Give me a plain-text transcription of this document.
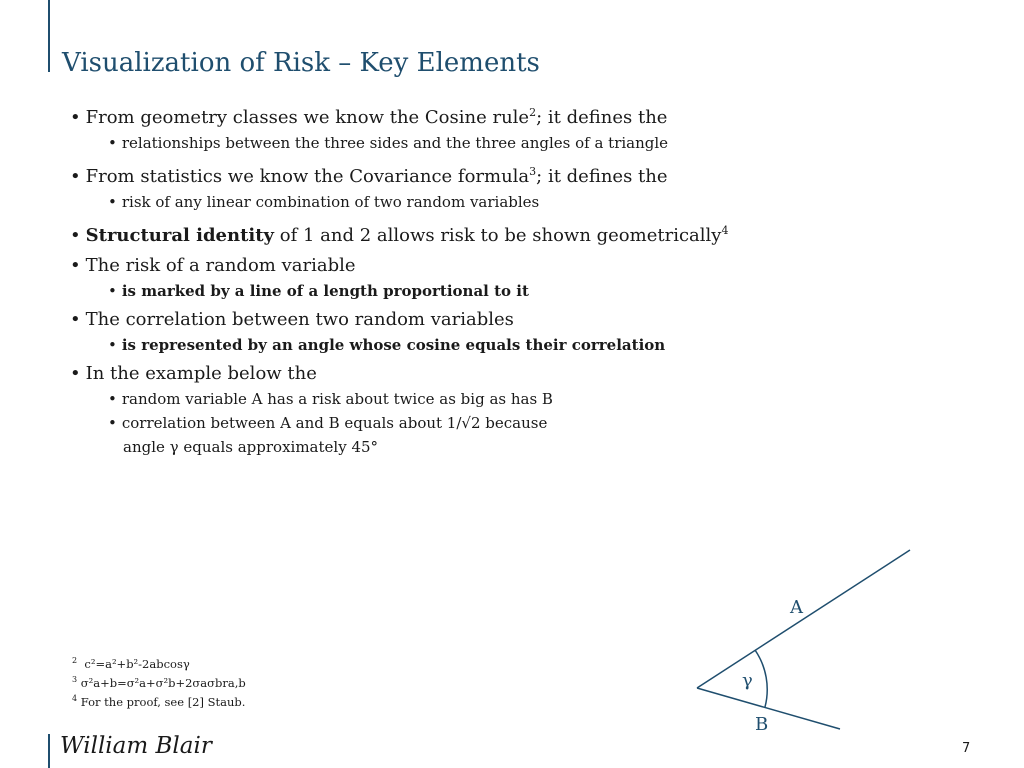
Visualization of Risk – Key Elements
• From geometry classes we know the Cosine rule$^2$; it defines the
• relationships between the three sides and the three angles of a triangle
• From statistics we know the Covariance formula$^3$; it defines the
• risk of any linear combination of two random variables
• Structural identity of 1 and 2 allows risk to be shown geometrically$^4$
• The risk of a random variable
• is marked by a line of a length proportional to it
• The correlation between two random variables
• is represented by an angle whose cosine equals their correlation
• In the example below the
• random variable A has a risk about twice as big as has B
• correlation between A and B equals about 1/√2 because
angle γ equals approximately 45°
$^2$ c²=a²+b²-2abcosγ
$^3$ σ²a+b=σ²a+σ²b+2σaσbra,b
$^4$ For the proof, see [2] Staub.
A
B
γ
William Blair	7
